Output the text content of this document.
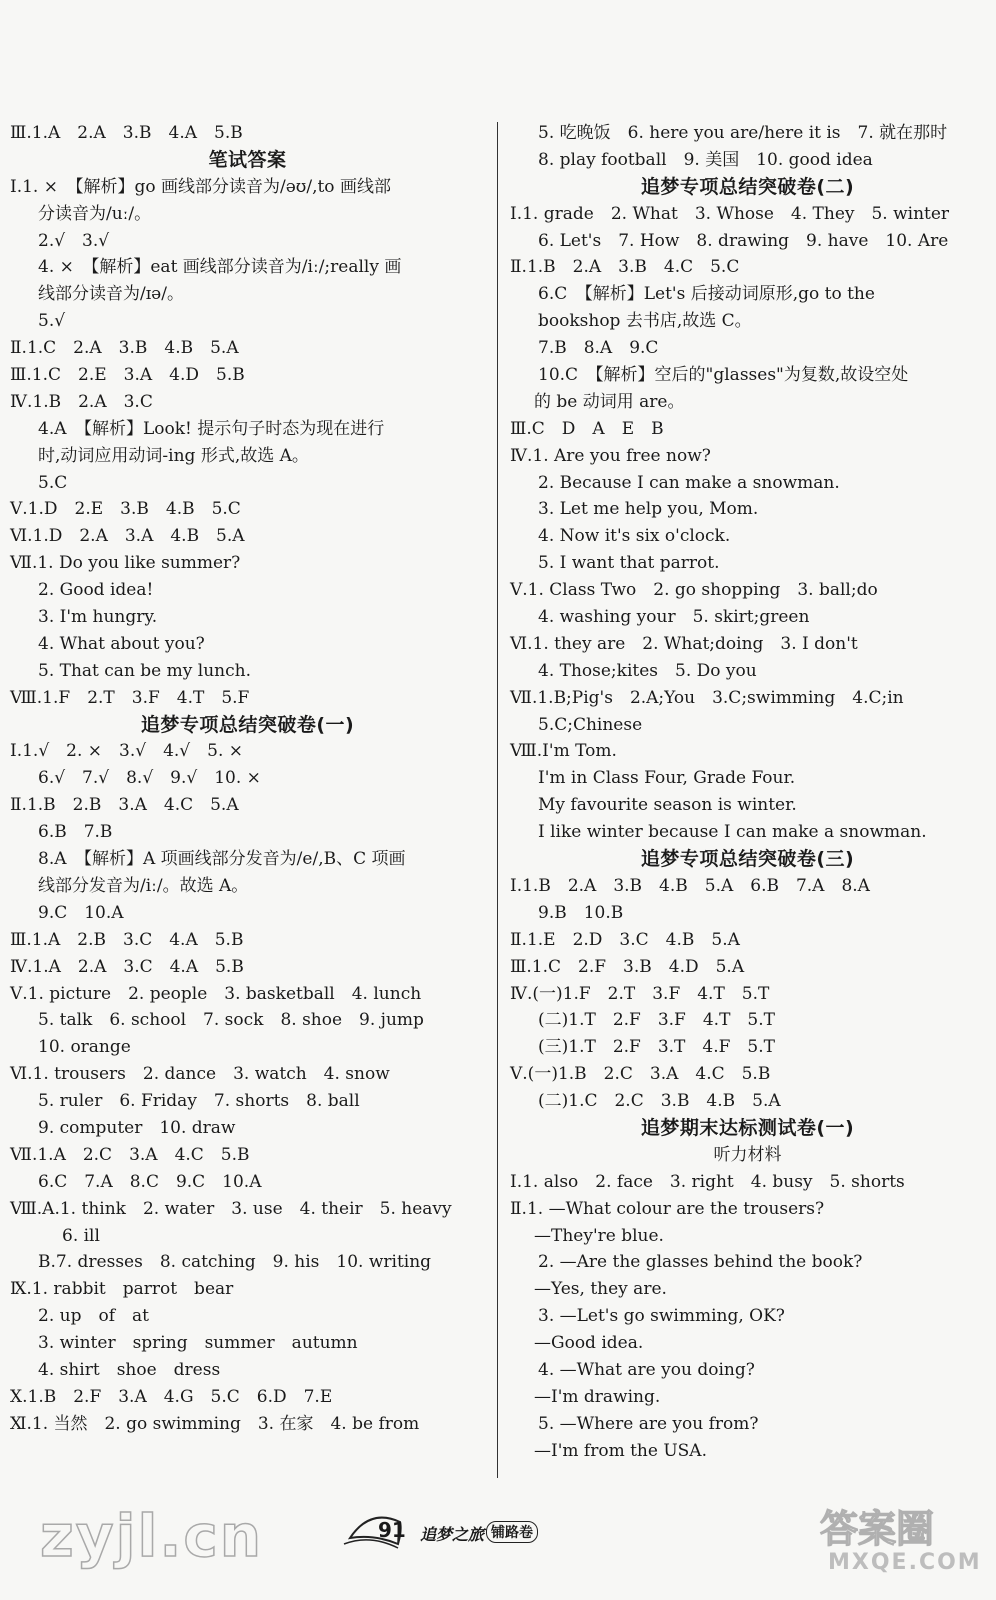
Ⅲ.1.A　2.A　3.B　4.A　5.B
笔试答案
Ⅰ.1. ×　【解析】go 画线部分读音为/əʊ/,to 画线部
分读音为/uː/。
2.√　3.√
4. ×　【解析】eat 画线部分读音为/iː/;really 画
线部分读音为/ɪə/。
5.√
Ⅱ.1.C　2.A　3.B　4.B　5.A
Ⅲ.1.C　2.E　3.A　4.D　5.B
Ⅳ.1.B　2.A　3.C
4.A　【解析】Look! 提示句子时态为现在进行
时,动词应用动词-ing 形式,故选 A。
5.C
Ⅴ.1.D　2.E　3.B　4.B　5.C
Ⅵ.1.D　2.A　3.A　4.B　5.A
Ⅶ.1. Do you like summer?
2. Good idea!
3. I'm hungry.
4. What about you?
5. That can be my lunch.
Ⅷ.1.F　2.T　3.F　4.T　5.F
追梦专项总结突破卷(一)
Ⅰ.1.√　2. ×　3.√　4.√　5. ×
6.√　7.√　8.√　9.√　10. ×
Ⅱ.1.B　2.B　3.A　4.C　5.A
6.B　7.B
8.A　【解析】A 项画线部分发音为/e/,B、C 项画
线部分发音为/iː/。故选 A。
9.C　10.A
Ⅲ.1.A　2.B　3.C　4.A　5.B
Ⅳ.1.A　2.A　3.C　4.A　5.B
Ⅴ.1. picture　2. people　3. basketball　4. lunch
5. talk　6. school　7. sock　8. shoe　9. jump
10. orange
Ⅵ.1. trousers　2. dance　3. watch　4. snow
5. ruler　6. Friday　7. shorts　8. ball
9. computer　10. draw
Ⅶ.1.A　2.C　3.A　4.C　5.B
6.C　7.A　8.C　9.C　10.A
Ⅷ.A.1. think　2. water　3. use　4. their　5. heavy
6. ill
B.7. dresses　8. catching　9. his　10. writing
Ⅸ.1. rabbit　parrot　bear
2. up　of　at
3. winter　spring　summer　autumn
4. shirt　shoe　dress
Ⅹ.1.B　2.F　3.A　4.G　5.C　6.D　7.E
Ⅺ.1. 当然　2. go swimming　3. 在家　4. be from
5. 吃晚饭　6. here you are/here it is　7. 就在那时
8. play football　9. 美国　10. good idea
追梦专项总结突破卷(二)
Ⅰ.1. grade　2. What　3. Whose　4. They　5. winter
6. Let's　7. How　8. drawing　9. have　10. Are
Ⅱ.1.B　2.A　3.B　4.C　5.C
6.C　【解析】Let's 后接动词原形,go to the
bookshop 去书店,故选 C。
7.B　8.A　9.C
10.C　【解析】空后的"glasses"为复数,故设空处
的 be 动词用 are。
Ⅲ.C　D　A　E　B
Ⅳ.1. Are you free now?
2. Because I can make a snowman.
3. Let me help you, Mom.
4. Now it's six o'clock.
5. I want that parrot.
Ⅴ.1. Class Two　2. go shopping　3. ball;do
4. washing your　5. skirt;green
Ⅵ.1. they are　2. What;doing　3. I don't
4. Those;kites　5. Do you
Ⅶ.1.B;Pig's　2.A;You　3.C;swimming　4.C;in
5.C;Chinese
Ⅷ.I'm Tom.
I'm in Class Four, Grade Four.
My favourite season is winter.
I like winter because I can make a snowman.
追梦专项总结突破卷(三)
Ⅰ.1.B　2.A　3.B　4.B　5.A　6.B　7.A　8.A
9.B　10.B
Ⅱ.1.E　2.D　3.C　4.B　5.A
Ⅲ.1.C　2.F　3.B　4.D　5.A
Ⅳ.(一)1.F　2.T　3.F　4.T　5.T
(二)1.T　2.F　3.F　4.T　5.T
(三)1.T　2.F　3.T　4.F　5.T
Ⅴ.(一)1.B　2.C　3.A　4.C　5.B
(二)1.C　2.C　3.B　4.B　5.A
追梦期末达标测试卷(一)
听力材料
Ⅰ.1. also　2. face　3. right　4. busy　5. shorts
Ⅱ.1. —What colour are the trousers?
—They're blue.
2. —Are the glasses behind the book?
—Yes, they are.
3. —Let's go swimming, OK?
—Good idea.
4. —What are you doing?
—I'm drawing.
5. —Where are you from?
—I'm from the USA.
zyjl.cn	91 追梦之旅 铺路卷	答案圈
MXQE.COM
